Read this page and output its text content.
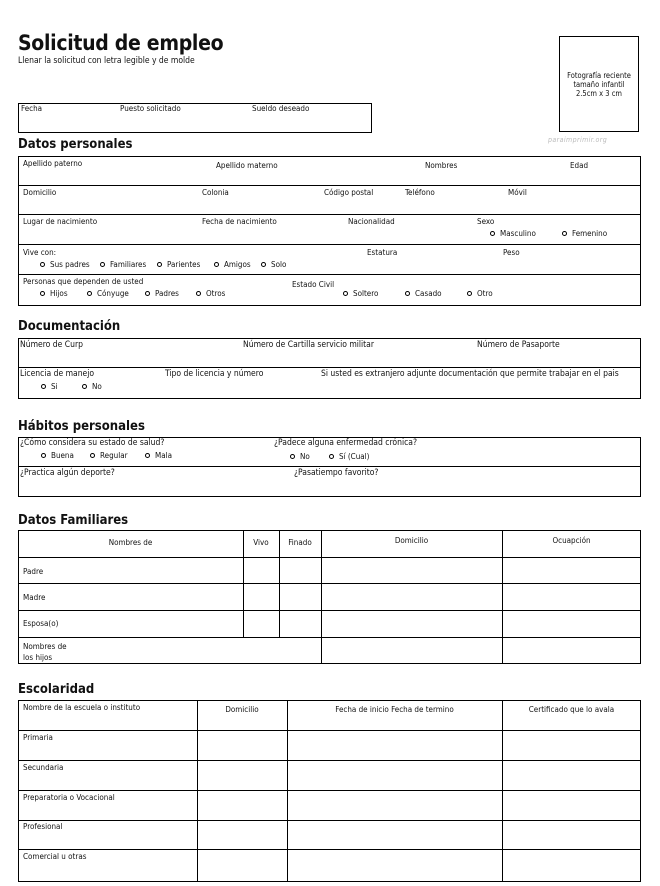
Solicitud de empleo
Llenar la solicitud con letra legible y de molde
Fotografía reciente
tamaño infantil
2.5cm x 3 cm
paraimprimir.org
Fecha	Puesto solicitado	Sueldo deseado
Datos personales
Apellido paterno	Apellido materno	Nombres	Edad
Domicilio	Colonia	Código postal	Teléfono	Móvil
Lugar de nacimiento	Fecha de nacimiento	Nacionalidad	Sexo
Masculino	Femenino
Vive con:	Estatura	Peso
Sus padres	Familiares	Parientes	Amigos	Solo
Personas que dependen de usted	Estado Civil
Hijos	Cónyuge	Padres	Otros	Soltero	Casado	Otro
Documentación
Número de Curp	Número de Cartilla servicio militar	Número de Pasaporte
Licencia de manejo	Tipo de licencia y número	Si usted es extranjero adjunte documentación que permite trabajar en el pais
Si	No
Hábitos personales
¿Cómo considera su estado de salud?	¿Padece alguna enfermedad crónica?
Buena	Regular	Mala	No	Sí (Cual)
¿Practica algún deporte?	¿Pasatiempo favorito?
Datos Familiares
Nombres de	Vivo	Finado	Domicilio	Ocuapción
Padre
Madre
Esposa(o)
Nombres de
los hijos
Escolaridad
Nombre de la escuela o instituto	Domicilio	Fecha de inicio Fecha de termino	Certificado que lo avala
Primaria
Secundaria
Preparatoria o Vocacional
Profesional
Comercial u otras
